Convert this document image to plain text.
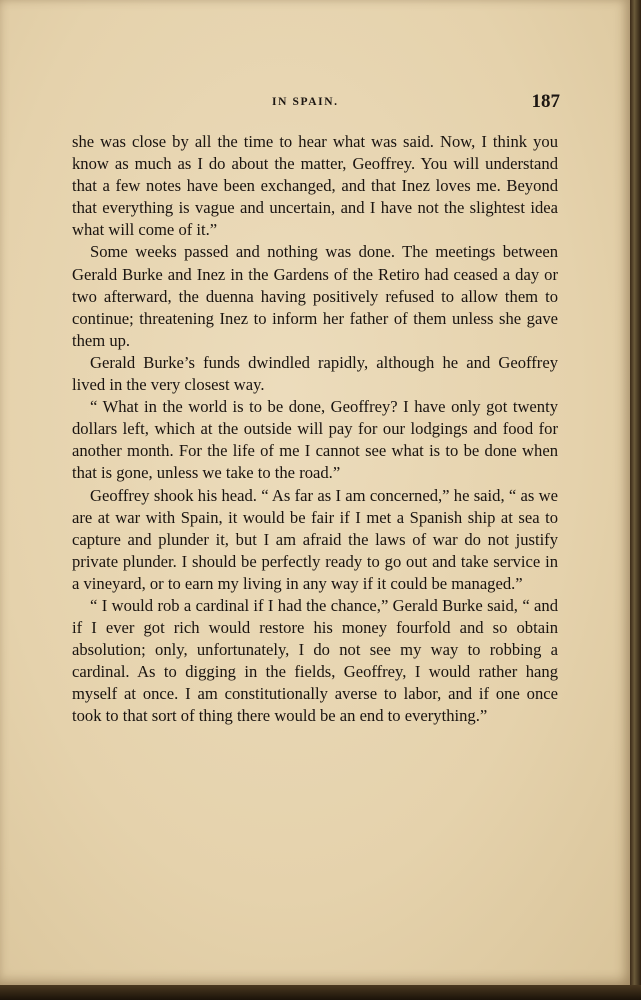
IN SPAIN.	187

she was close by all the time to hear what was said. Now, I think you know as much as I do about the matter, Geoffrey. You will understand that a few notes have been exchanged, and that Inez loves me. Beyond that everything is vague and uncertain, and I have not the slightest idea what will come of it.”

Some weeks passed and nothing was done. The meetings between Gerald Burke and Inez in the Gardens of the Retiro had ceased a day or two afterward, the duenna having positively refused to allow them to continue; threatening Inez to inform her father of them unless she gave them up.

Gerald Burke’s funds dwindled rapidly, although he and Geoffrey lived in the very closest way.

“ What in the world is to be done, Geoffrey? I have only got twenty dollars left, which at the outside will pay for our lodgings and food for another month. For the life of me I cannot see what is to be done when that is gone, unless we take to the road.”

Geoffrey shook his head. “ As far as I am concerned,” he said, “ as we are at war with Spain, it would be fair if I met a Spanish ship at sea to capture and plunder it, but I am afraid the laws of war do not justify private plunder. I should be perfectly ready to go out and take service in a vineyard, or to earn my living in any way if it could be managed.”

“ I would rob a cardinal if I had the chance,” Gerald Burke said, “ and if I ever got rich would restore his money fourfold and so obtain absolution; only, unfortunately, I do not see my way to robbing a cardinal. As to digging in the fields, Geoffrey, I would rather hang myself at once. I am constitutionally averse to labor, and if one once took to that sort of thing there would be an end to everything.”
